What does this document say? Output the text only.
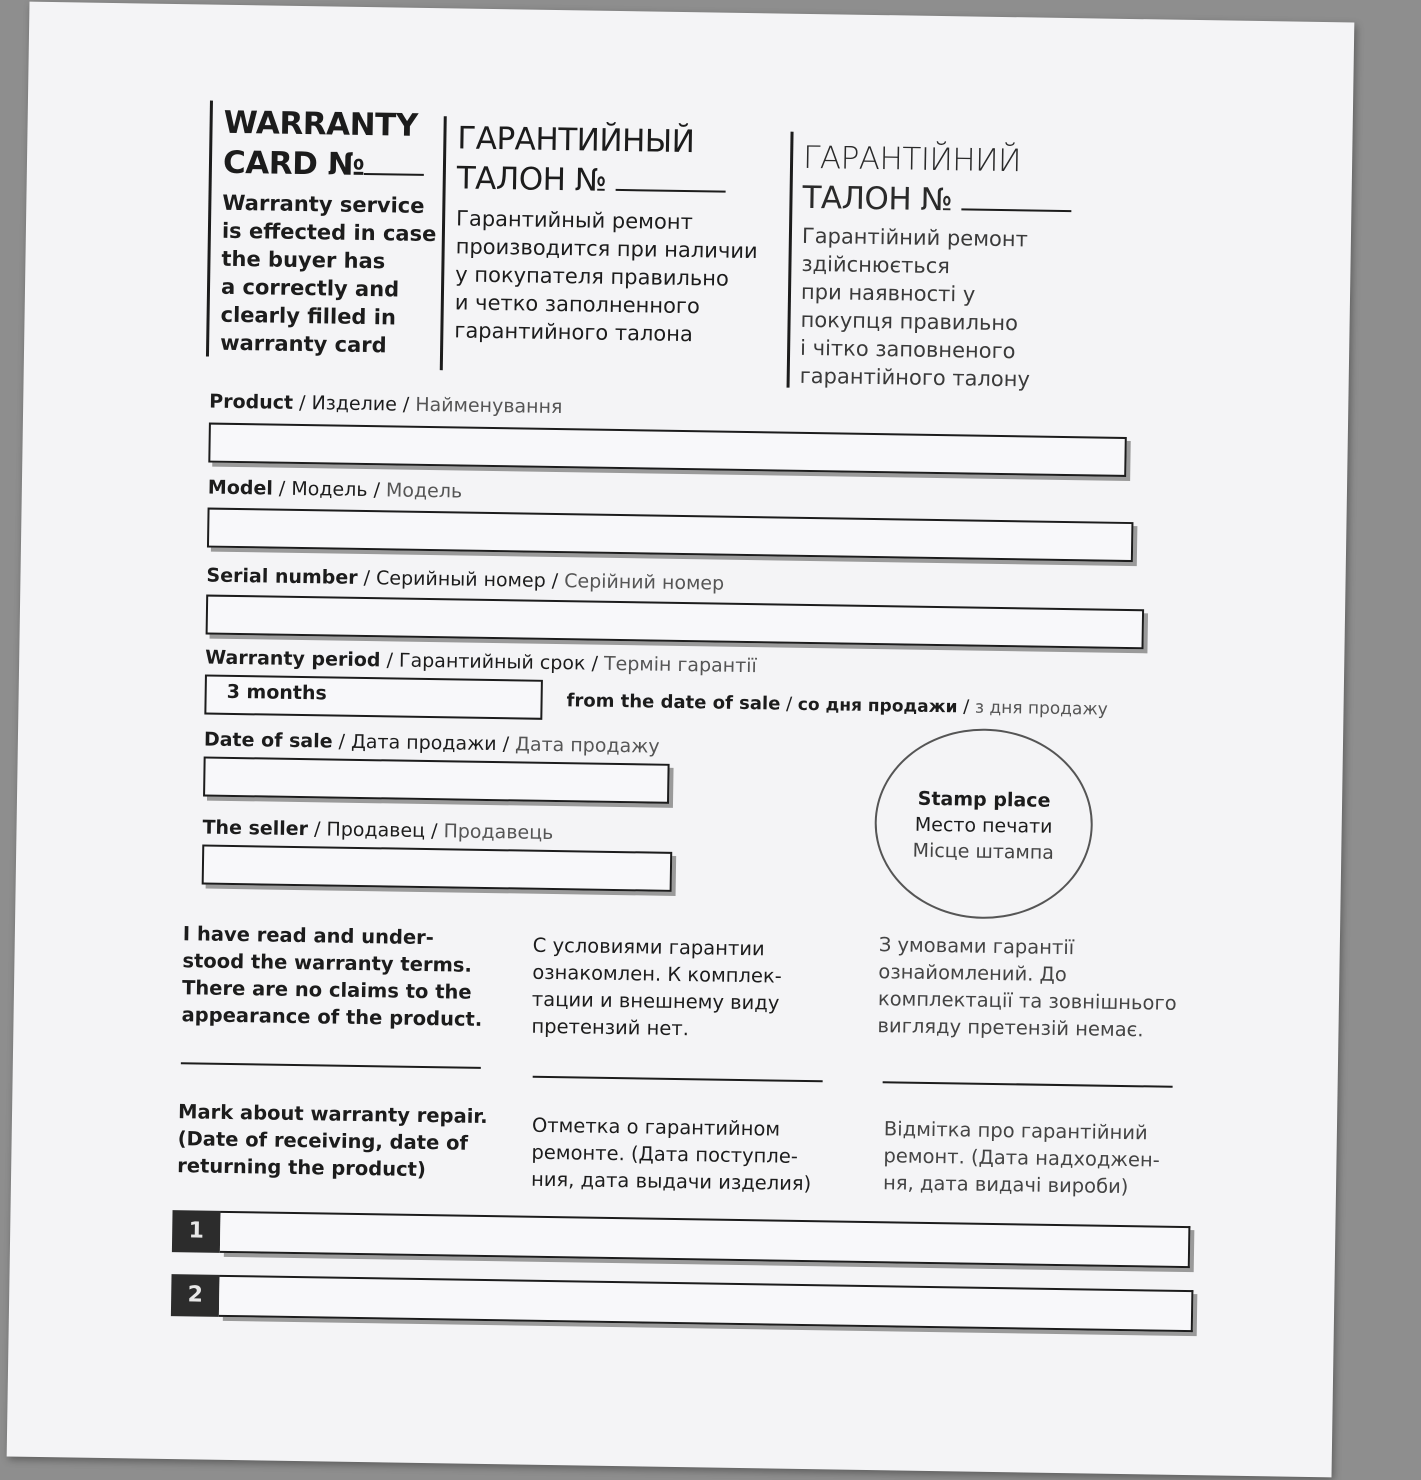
WARRANTY
CARD №
Warranty service
is effected in case
the buyer has
a correctly and
clearly filled in
warranty card
ГАРАНТИЙНЫЙ
ТАЛОН №
Гарантийный ремонт
производится при наличии
у покупателя правильно
и четко заполненного
гарантийного талона
ГАРАНТІЙНИЙ
ТАЛОН №
Гарантійний ремонт
здійснюється
при наявності у
покупця правильно
і чітко заповненого
гарантійного талону
Product / Изделие / Найменування
Model / Модель / Модель
Serial number / Серийный номер / Серійний номер
Warranty period / Гарантийный срок / Термін гарантії
3 months	from the date of sale / со дня продажи / з дня продажу
Date of sale / Дата продажи / Дата продажу
The seller / Продавец / Продавець
Stamp place
Место печати
Місце штампа
I have read and under-
stood the warranty terms.
There are no claims to the
appearance of the product.
С условиями гарантии
ознакомлен. К комплек-
тации и внешнему виду
претензий нет.
З умовами гарантії
ознайомлений. До
комплектації та зовнішнього
вигляду претензій немає.
Mark about warranty repair.
(Date of receiving, date of
returning the product)
Отметка о гарантийном
ремонте. (Дата поступле-
ния, дата выдачи изделия)
Відмітка про гарантійний
ремонт. (Дата надходжен-
ня, дата видачі вироби)
1
2
